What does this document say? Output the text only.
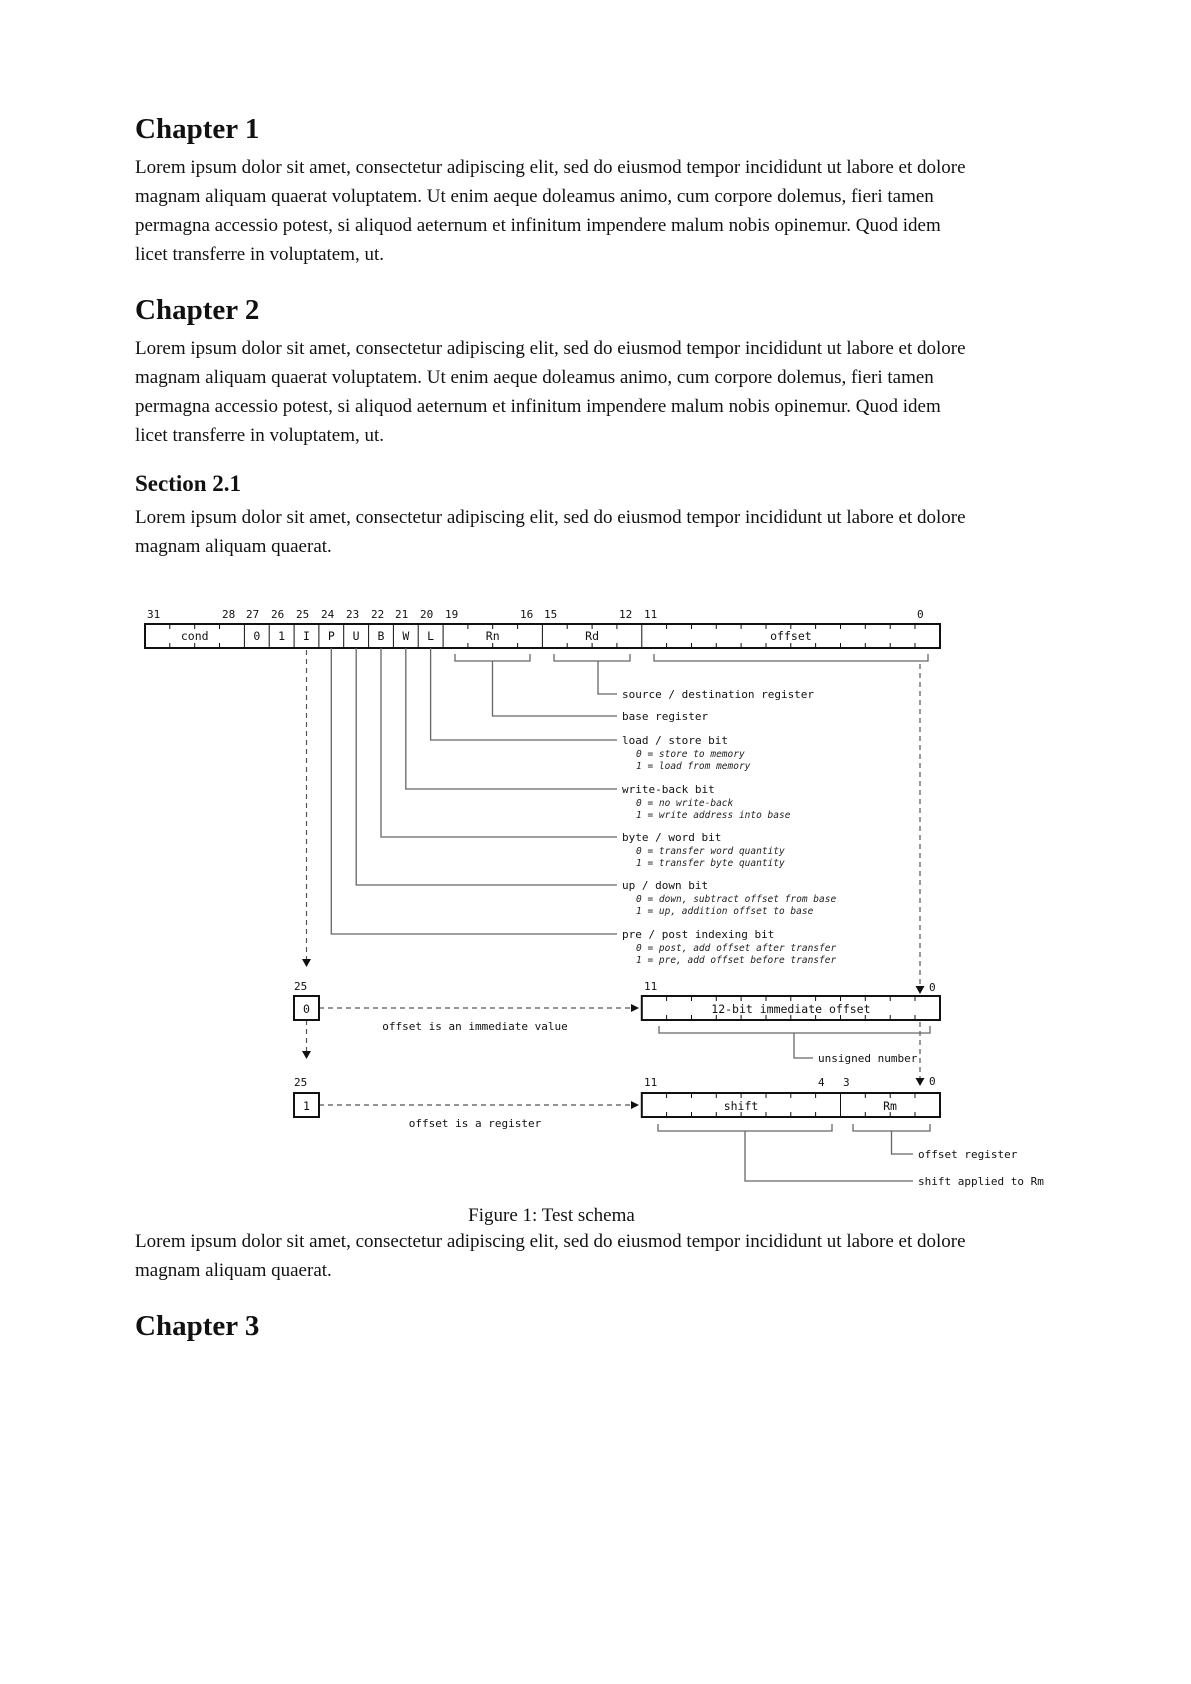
Chapter 1

Lorem ipsum dolor sit amet, consectetur adipiscing elit, sed do eiusmod tempor incididunt ut labore et dolore magnam aliquam quaerat voluptatem. Ut enim aeque doleamus animo, cum corpore dolemus, fieri tamen permagna accessio potest, si aliquod aeternum et infinitum impendere malum nobis opinemur. Quod idem licet transferre in voluptatem, ut.

Chapter 2

Lorem ipsum dolor sit amet, consectetur adipiscing elit, sed do eiusmod tempor incididunt ut labore et dolore magnam aliquam quaerat voluptatem. Ut enim aeque doleamus animo, cum corpore dolemus, fieri tamen permagna accessio potest, si aliquod aeternum et infinitum impendere malum nobis opinemur. Quod idem licet transferre in voluptatem, ut.

Section 2.1

Lorem ipsum dolor sit amet, consectetur adipiscing elit, sed do eiusmod tempor incididunt ut labore et dolore magnam aliquam quaerat.

31	28 27 26 25 24 23 22 21 20 19	16 15	12 11	0
cond	0 1 I P U B W L	Rn	Rd	offset
source / destination register
base register
load / store bit
0 = store to memory
1 = load from memory
write-back bit
0 = no write-back
1 = write address into base
byte / word bit
0 = transfer word quantity
1 = transfer byte quantity
up / down bit
0 = down, subtract offset from base
1 = up, addition offset to base
pre / post indexing bit
0 = post, add offset after transfer
1 = pre, add offset before transfer
25
0
offset is an immediate value
11	0
12-bit immediate offset
unsigned number
25
1
offset is a register
11	4 3	0
shift	Rm
offset register
shift applied to Rm
Figure 1: Test schema

Lorem ipsum dolor sit amet, consectetur adipiscing elit, sed do eiusmod tempor incididunt ut labore et dolore magnam aliquam quaerat.

Chapter 3
